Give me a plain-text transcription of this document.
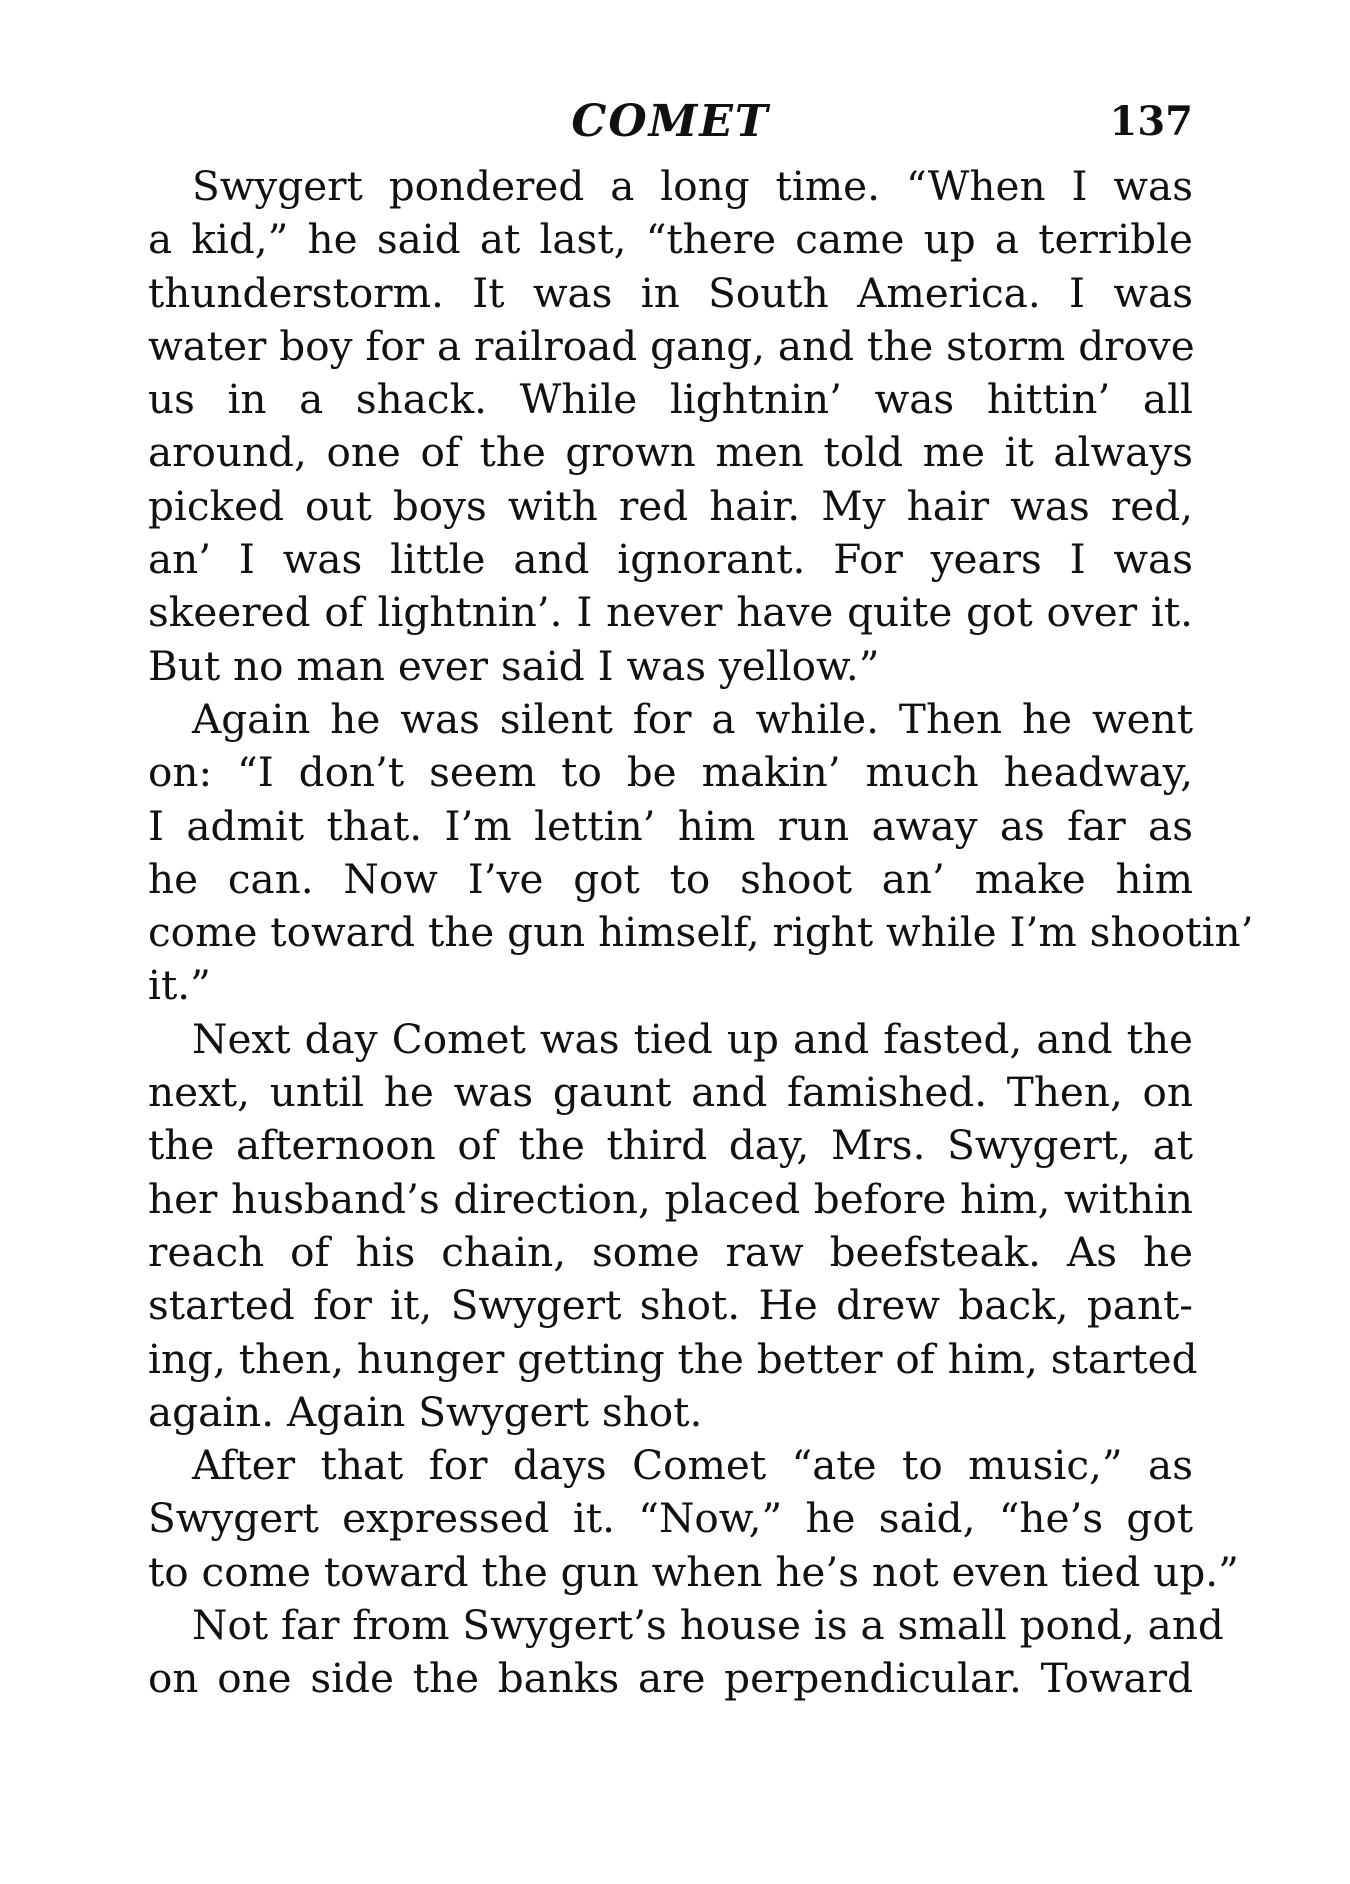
COMET	137

Swygert pondered a long time. “When I was
a kid,” he said at last, “there came up a terrible
thunderstorm. It was in South America. I was
water boy for a railroad gang, and the storm drove
us in a shack. While lightnin’ was hittin’ all
around, one of the grown men told me it always
picked out boys with red hair. My hair was red,
an’ I was little and ignorant. For years I was
skeered of lightnin’. I never have quite got over it.
But no man ever said I was yellow.”

Again he was silent for a while. Then he went
on: “I don’t seem to be makin’ much headway,
I admit that. I’m lettin’ him run away as far as
he can. Now I’ve got to shoot an’ make him
come toward the gun himself, right while I’m shootin’
it.”

Next day Comet was tied up and fasted, and the
next, until he was gaunt and famished. Then, on
the afternoon of the third day, Mrs. Swygert, at
her husband’s direction, placed before him, within
reach of his chain, some raw beefsteak. As he
started for it, Swygert shot. He drew back, pant-
ing, then, hunger getting the better of him, started
again. Again Swygert shot.

After that for days Comet “ate to music,” as
Swygert expressed it. “Now,” he said, “he’s got
to come toward the gun when he’s not even tied up.”

Not far from Swygert’s house is a small pond, and
on one side the banks are perpendicular. Toward
